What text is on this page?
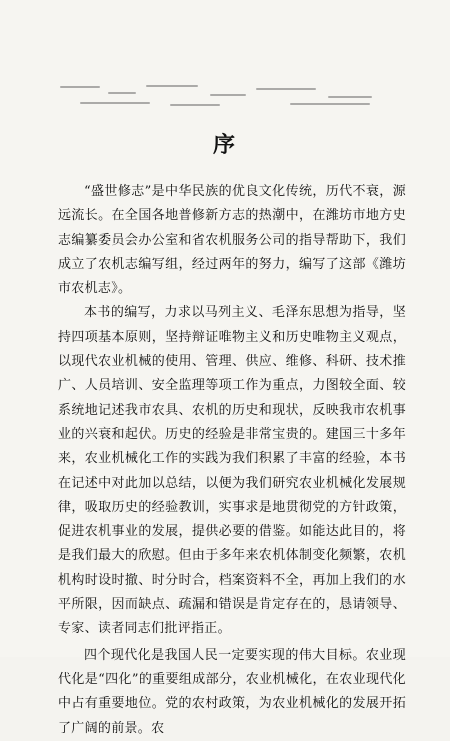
序

“盛世修志”是中华民族的优良文化传统，历代不衰，源远流长。在全国各地普修新方志的热潮中，在潍坊市地方史志编纂委员会办公室和省农机服务公司的指导帮助下，我们成立了农机志编写组，经过两年的努力，编写了这部《潍坊市农机志》。

本书的编写，力求以马列主义、毛泽东思想为指导，坚持四项基本原则，坚持辩证唯物主义和历史唯物主义观点，以现代农业机械的使用、管理、供应、维修、科研、技术推广、人员培训、安全监理等项工作为重点，力图较全面、较系统地记述我市农具、农机的历史和现状，反映我市农机事业的兴衰和起伏。历史的经验是非常宝贵的。建国三十多年来，农业机械化工作的实践为我们积累了丰富的经验，本书在记述中对此加以总结，以便为我们研究农业机械化发展规律，吸取历史的经验教训，实事求是地贯彻党的方针政策，促进农机事业的发展，提供必要的借鉴。如能达此目的，将是我们最大的欣慰。但由于多年来农机体制变化频繁，农机机构时设时撤、时分时合，档案资料不全，再加上我们的水平所限，因而缺点、疏漏和错误是肯定存在的，恳请领导、专家、读者同志们批评指正。

四个现代化是我国人民一定要实现的伟大目标。农业现代化是“四化”的重要组成部分，农业机械化，在农业现代化中占有重要地位。党的农村政策，为农业机械化的发展开拓了广阔的前景。农
